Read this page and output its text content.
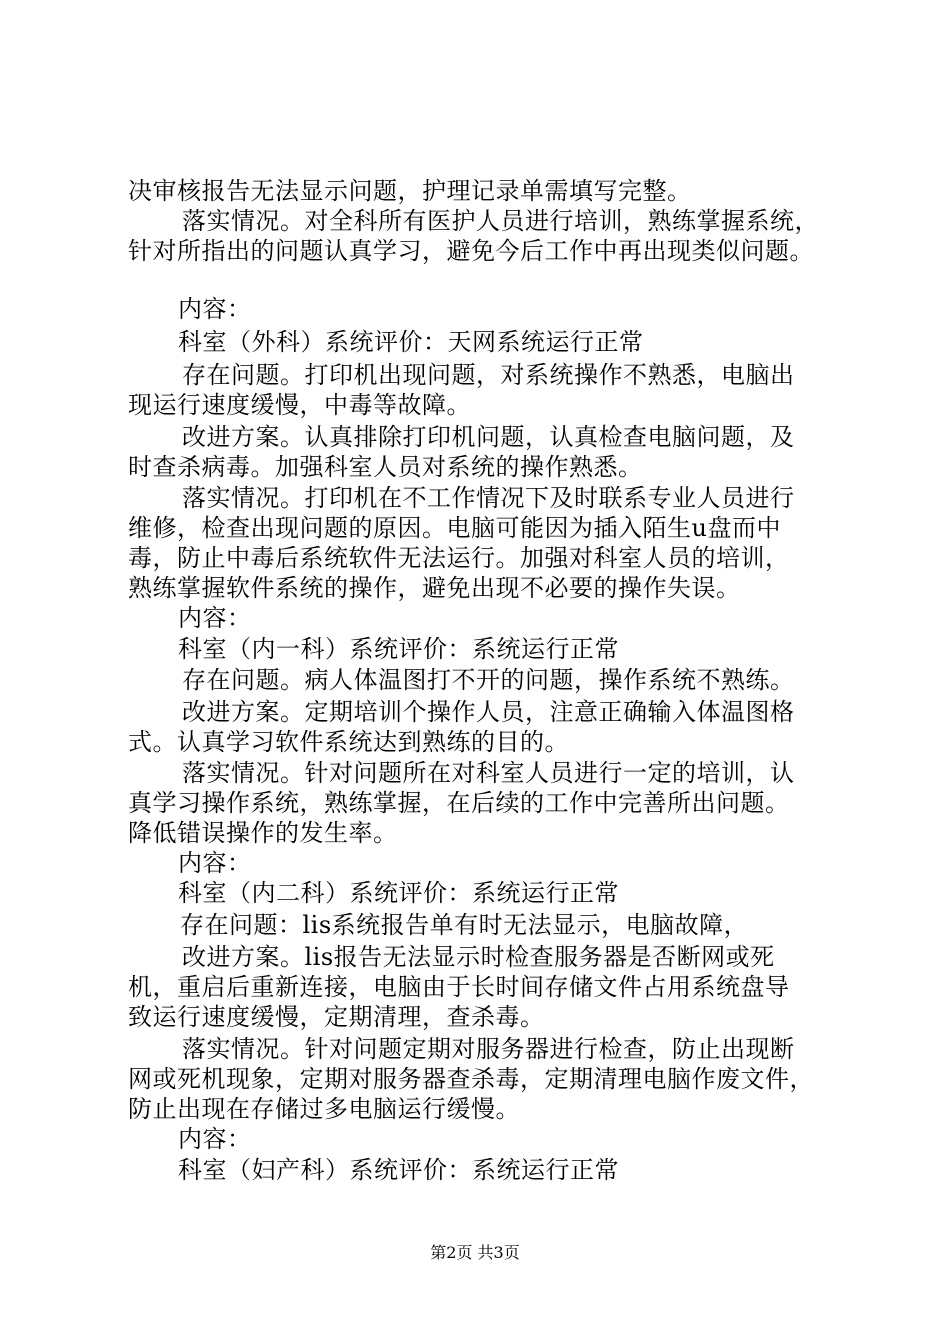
决审核报告无法显示问题，护理记录单需填写完整。
落实情况。对全科所有医护人员进行培训，熟练掌握系统，
针对所指出的问题认真学习，避免今后工作中再出现类似问题。
内容：
科室（外科）系统评价：天网系统运行正常
存在问题。打印机出现问题，对系统操作不熟悉，电脑出
现运行速度缓慢，中毒等故障。
改进方案。认真排除打印机问题，认真检查电脑问题，及
时查杀病毒。加强科室人员对系统的操作熟悉。
落实情况。打印机在不工作情况下及时联系专业人员进行
维修，检查出现问题的原因。电脑可能因为插入陌生u盘而中
毒，防止中毒后系统软件无法运行。加强对科室人员的培训，
熟练掌握软件系统的操作，避免出现不必要的操作失误。
内容：
科室（内一科）系统评价：系统运行正常
存在问题。病人体温图打不开的问题，操作系统不熟练。
改进方案。定期培训个操作人员，注意正确输入体温图格
式。认真学习软件系统达到熟练的目的。
落实情况。针对问题所在对科室人员进行一定的培训，认
真学习操作系统，熟练掌握，在后续的工作中完善所出问题。
降低错误操作的发生率。
内容：
科室（内二科）系统评价：系统运行正常
存在问题：lis系统报告单有时无法显示，电脑故障，
改进方案。lis报告无法显示时检查服务器是否断网或死
机，重启后重新连接，电脑由于长时间存储文件占用系统盘导
致运行速度缓慢，定期清理，查杀毒。
落实情况。针对问题定期对服务器进行检查，防止出现断
网或死机现象，定期对服务器查杀毒，定期清理电脑作废文件，
防止出现在存储过多电脑运行缓慢。
内容：
科室（妇产科）系统评价：系统运行正常
第2页 共3页
